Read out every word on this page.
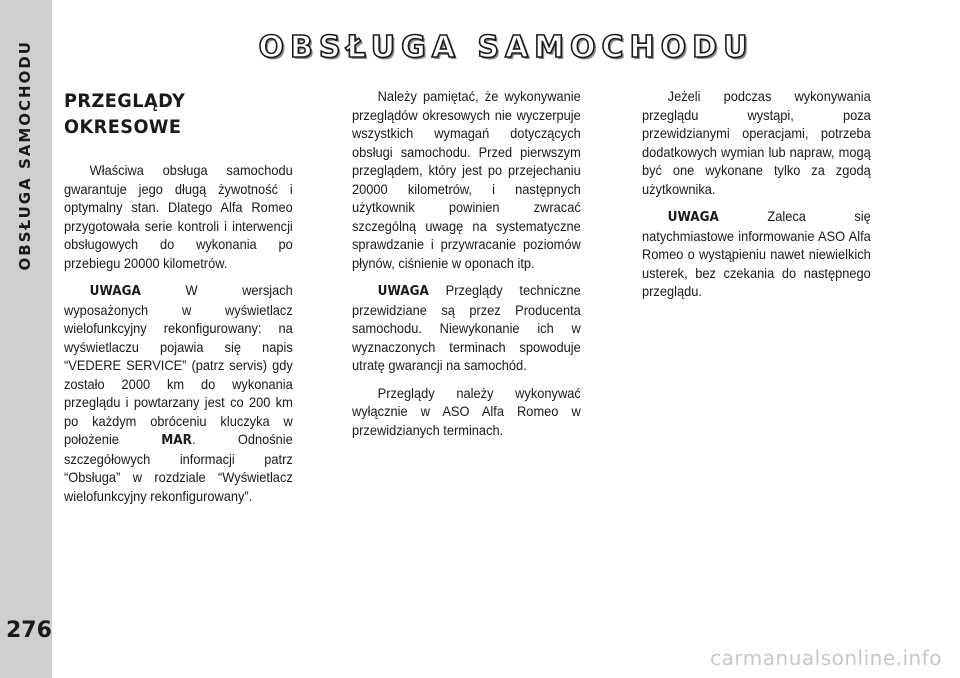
OBSŁUGA SAMOCHODU
276
OBSŁUGA SAMOCHODU
PRZEGLĄDY
OKRESOWE

Właściwa obsługa samochodu gwarantuje jego długą żywotność i optymalny stan. Dlatego Alfa Romeo przygotowała serie kontroli i interwencji obsługowych do wykonania po przebiegu 20000 kilometrów.

UWAGA W wersjach wyposażonych w wyświetlacz wielofunkcyjny rekonfigurowany: na wyświetlaczu pojawia się napis “VEDERE SERVICE” (patrz servis) gdy zostało 2000 km do wykonania przeglądu i powtarzany jest co 200 km po każdym obróceniu kluczyka w położenie MAR. Odnośnie szczegółowych informacji patrz “Obsługa” w rozdziale “Wyświetlacz wielofunkcyjny rekonfigurowany”.

Należy pamiętać, że wykonywanie przeglądów okresowych nie wyczerpuje wszystkich wymagań dotyczących obsługi samochodu. Przed pierwszym przeglądem, który jest po przejechaniu 20000 kilometrów, i następnych użytkownik powinien zwracać szczególną uwagę na systematyczne sprawdzanie i przywracanie poziomów płynów, ciśnienie w oponach itp.

UWAGA Przeglądy techniczne przewidziane są przez Producenta samochodu. Niewykonanie ich w wyznaczonych terminach spowoduje utratę gwarancji na samochód.

Przeglądy należy wykonywać wyłącznie w ASO Alfa Romeo w przewidzianych terminach.

Jeżeli podczas wykonywania przeglądu wystąpi, poza przewidzianymi operacjami, potrzeba dodatkowych wymian lub napraw, mogą być one wykonane tylko za zgodą użytkownika.

UWAGA Zaleca się natychmiastowe informowanie ASO Alfa Romeo o wystąpieniu nawet niewielkich usterek, bez czekania do następnego przeglądu.

carmanualsonline.info
